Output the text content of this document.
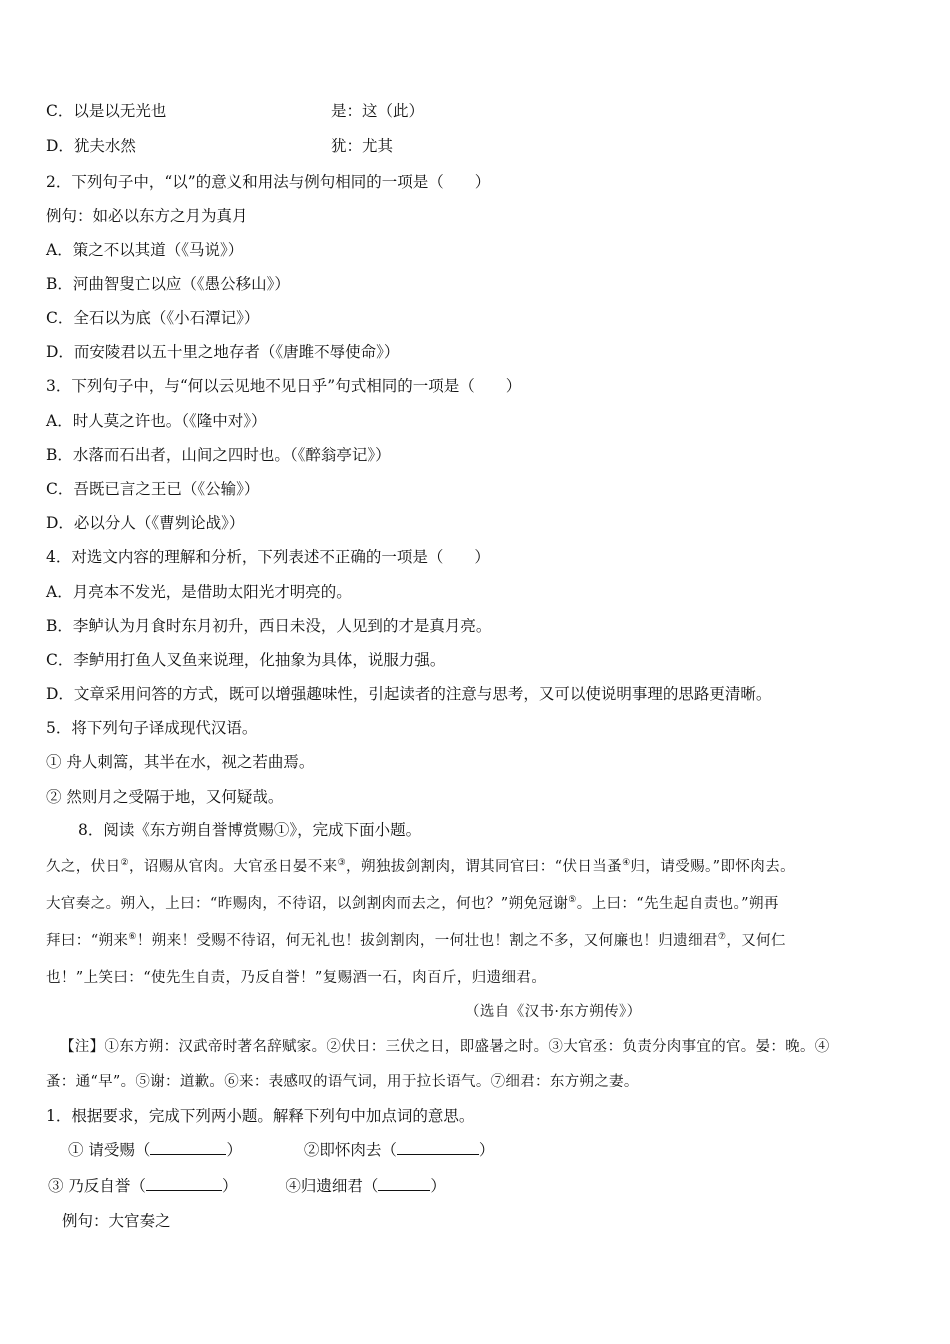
C．以是以无光也	是：这（此）
D．犹夫水然	犹：尤其
2．下列句子中，“以”的意义和用法与例句相同的一项是（　　）
例句：如必以东方之月为真月
A．策之不以其道（《马说》）
B．河曲智叟亡以应（《愚公移山》）
C．全石以为底（《小石潭记》）
D．而安陵君以五十里之地存者（《唐雎不辱使命》）
3．下列句子中，与“何以云见地不见日乎”句式相同的一项是（　　）
A．时人莫之许也。（《隆中对》）
B．水落而石出者，山间之四时也。（《醉翁亭记》）
C．吾既已言之王已（《公输》）
D．必以分人（《曹刿论战》）
4．对选文内容的理解和分析，下列表述不正确的一项是（　　）
A．月亮本不发光，是借助太阳光才明亮的。
B．李鲈认为月食时东月初升，西日未没，人见到的才是真月亮。
C．李鲈用打鱼人叉鱼来说理，化抽象为具体，说服力强。
D．文章采用问答的方式，既可以增强趣味性，引起读者的注意与思考，又可以使说明事理的思路更清晰。
5．将下列句子译成现代汉语。
① 舟人刺篙，其半在水，视之若曲焉。
② 然则月之受隔于地，又何疑哉。
8．阅读《东方朔自誉博赏赐①》，完成下面小题。
久之，伏日②，诏赐从官肉。大官丞日晏不来③，朔独拔剑割肉，谓其同官曰：“伏日当蚤④归，请受赐。”即怀肉去。
大官奏之。朔入，上曰：“昨赐肉，不待诏，以剑割肉而去之，何也？”朔免冠谢⑤。上曰：“先生起自责也。”朔再
拜曰：“朔来⑥！朔来！受赐不待诏，何无礼也！拔剑割肉，一何壮也！割之不多，又何廉也！归遗细君⑦，又何仁
也！”上笑曰：“使先生自责，乃反自誉！”复赐酒一石，肉百斤，归遗细君。
（选自《汉书·东方朔传》）
【注】①东方朔：汉武帝时著名辞赋家。②伏日：三伏之日，即盛暑之时。③大官丞：负责分肉事宜的官。晏：晚。④
蚤：通“早”。⑤谢：道歉。⑥来：表感叹的语气词，用于拉长语气。⑦细君：东方朔之妻。
1．根据要求，完成下列两小题。解释下列句中加点词的意思。
① 请受赐（	）	②即怀肉去（	）
③ 乃反自誉（	）	④归遗细君（	）
例句：大官奏之
